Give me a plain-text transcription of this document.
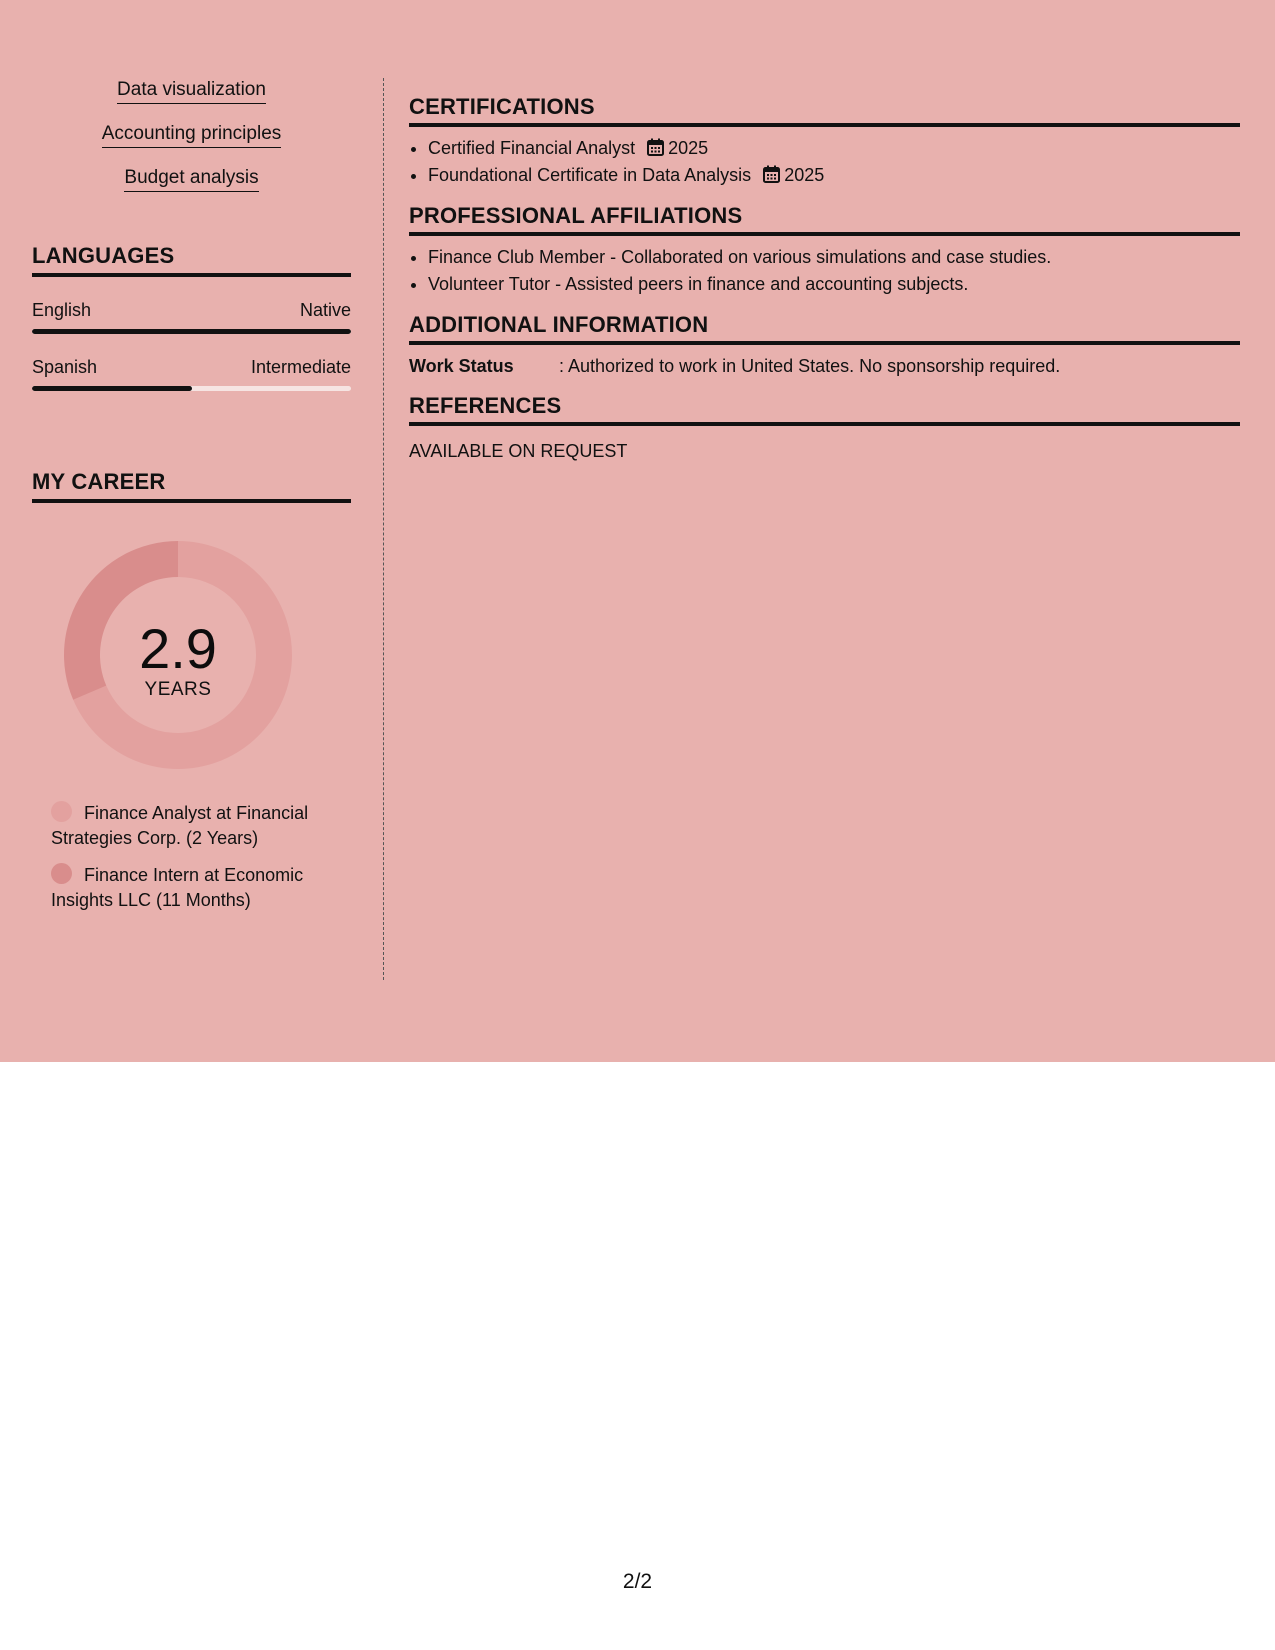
Data visualization
Accounting principles
Budget analysis
LANGUAGES
English	Native
Spanish	Intermediate
MY CAREER
2.9
YEARS
Finance Analyst at Financial Strategies Corp. (2 Years)
Finance Intern at Economic Insights LLC (11 Months)
CERTIFICATIONS
• Certified Financial Analyst 2025
• Foundational Certificate in Data Analysis 2025
PROFESSIONAL AFFILIATIONS
• Finance Club Member - Collaborated on various simulations and case studies.
• Volunteer Tutor - Assisted peers in finance and accounting subjects.
ADDITIONAL INFORMATION
Work Status	: Authorized to work in United States. No sponsorship required.
REFERENCES
AVAILABLE ON REQUEST
2/2
